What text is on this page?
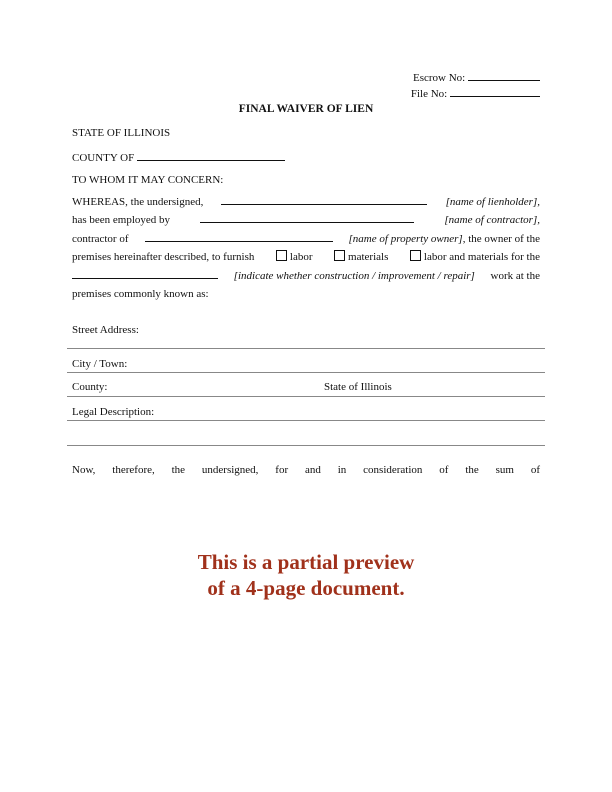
Escrow No:
File No:
FINAL WAIVER OF LIEN
STATE OF ILLINOIS
COUNTY OF
TO WHOM IT MAY CONCERN:
WHEREAS, the undersigned,	[name of lienholder],
has been employed by	[name of contractor],
contractor of	[name of property owner], the owner of the
premises hereinafter described, to furnish	labor	materials	labor and materials for the
[indicate whether construction / improvement / repair] work at the
premises commonly known as:
Street Address:
City / Town:
County:	State of Illinois
Legal Description:
Now, therefore, the undersigned, for and in consideration of the sum of
This is a partial preview
of a 4-page document.
